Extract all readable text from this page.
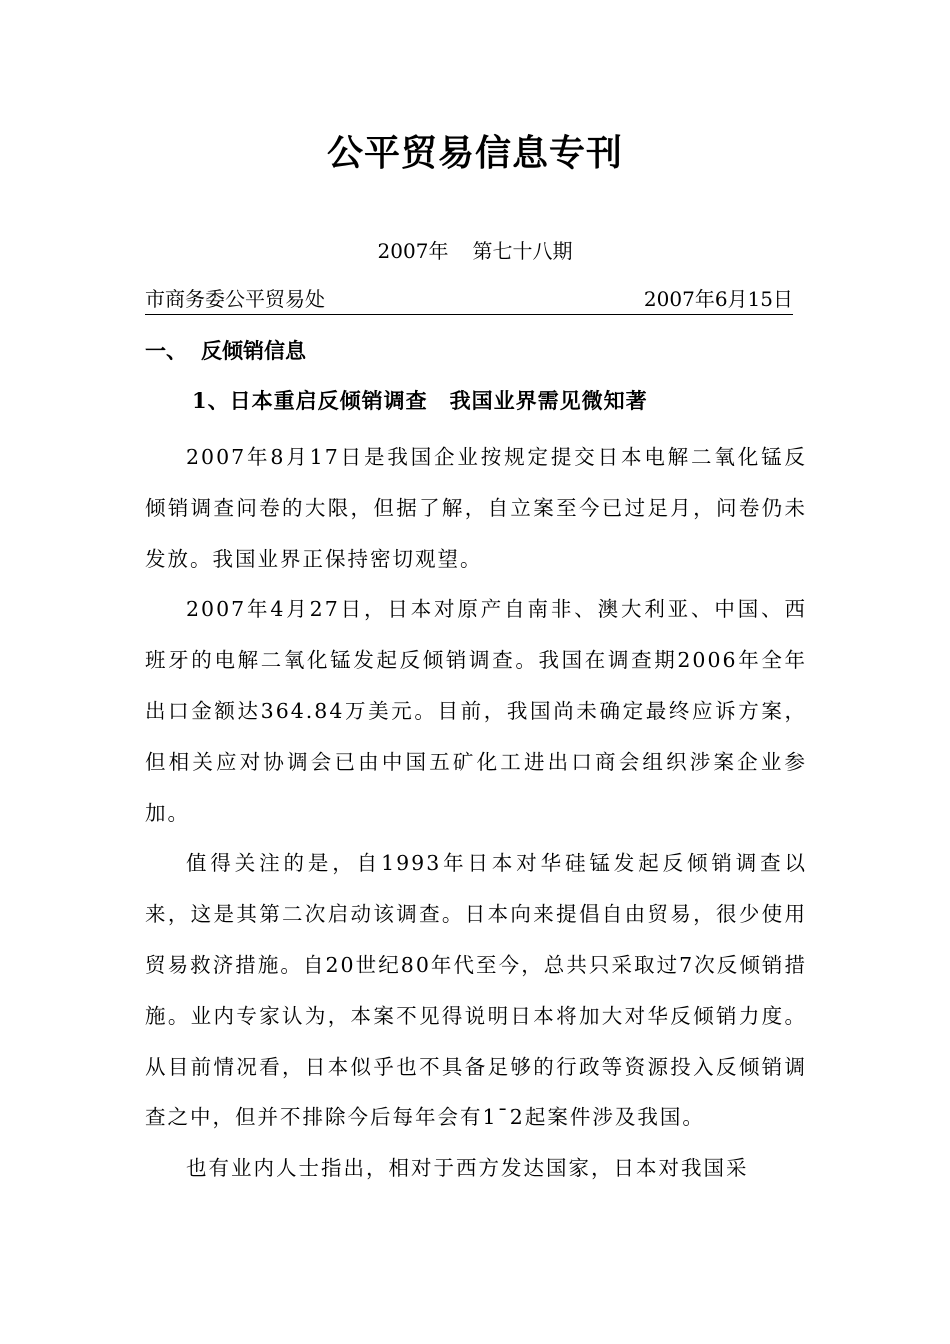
公平贸易信息专刊
2007年 第七十八期
市商务委公平贸易处	2007年6月15日
一、 反倾销信息
1、日本重启反倾销调查　我国业界需见微知著

2007年8月17日是我国企业按规定提交日本电解二氧化锰反倾销调查问卷的大限，但据了解，自立案至今已过足月，问卷仍未发放。我国业界正保持密切观望。

2007年4月27日，日本对原产自南非、澳大利亚、中国、西班牙的电解二氧化锰发起反倾销调查。我国在调查期2006年全年出口金额达364.84万美元。目前，我国尚未确定最终应诉方案，但相关应对协调会已由中国五矿化工进出口商会组织涉案企业参加。

值得关注的是，自1993年日本对华硅锰发起反倾销调查以来，这是其第二次启动该调查。日本向来提倡自由贸易，很少使用贸易救济措施。自20世纪80年代至今，总共只采取过7次反倾销措施。业内专家认为，本案不见得说明日本将加大对华反倾销力度。从目前情况看，日本似乎也不具备足够的行政等资源投入反倾销调查之中，但并不排除今后每年会有1¯2起案件涉及我国。

也有业内人士指出，相对于西方发达国家，日本对我国采
